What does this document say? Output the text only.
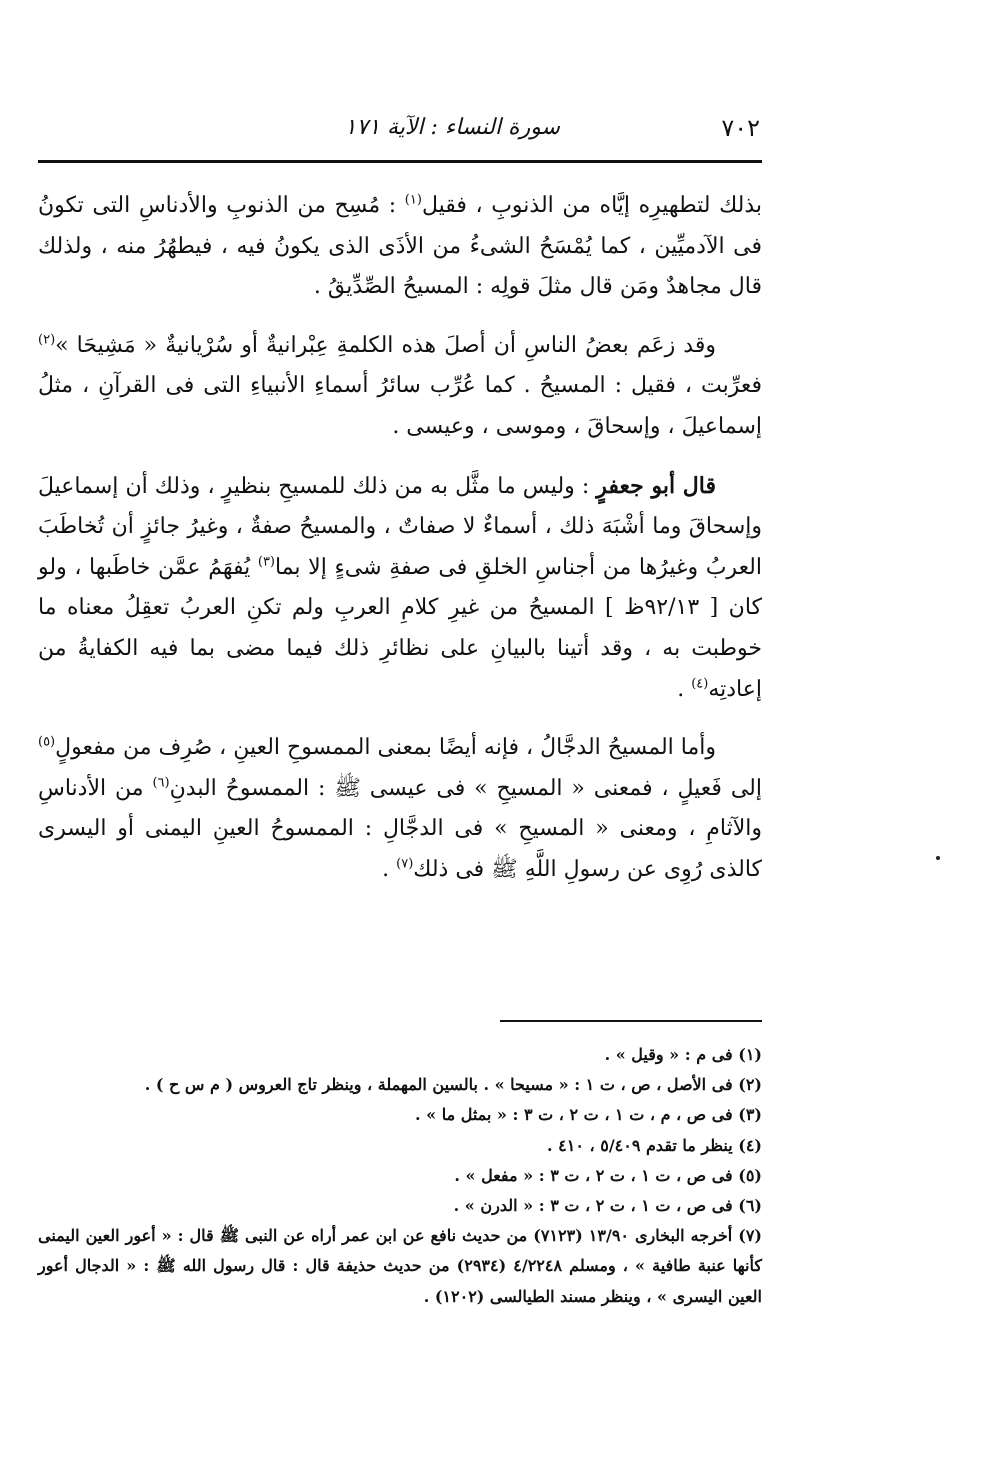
٧٠٢
سورة النساء : الآية ١٧١

بذلك لتطهيرِه إيَّاه من الذنوبِ ، فقيل$^{(١)}$ : مُسِح من الذنوبِ والأدناسِ التى تكونُ فى الآدميِّين ، كما يُمْسَحُ الشىءُ من الأذَى الذى يكونُ فيه ، فيطهُرُ منه ، ولذلك قال مجاهدٌ ومَن قال مثلَ قولِه : المسيحُ الصِّدِّيقُ .

وقد زعَم بعضُ الناسِ أن أصلَ هذه الكلمةِ عِبْرانيةٌ أو سُرْيانيةٌ « مَشِيحَا »$^{(٢)}$ فعرِّبت ، فقيل : المسيحُ . كما عُرِّب سائرُ أسماءِ الأنبياءِ التى فى القرآنِ ، مثلُ إسماعيلَ ، وإسحاقَ ، وموسى ، وعيسى .

قال أبو جعفرٍ : وليس ما مثَّل به من ذلك للمسيحِ بنظيرٍ ، وذلك أن إسماعيلَ وإسحاقَ وما أشْبَهَ ذلك ، أسماءٌ لا صفاتٌ ، والمسيحُ صفةٌ ، وغيرُ جائزٍ أن تُخاطَبَ العربُ وغيرُها من أجناسِ الخلقِ فى صفةِ شىءٍ إلا بما$^{(٣)}$ يُفهَمُ عمَّن خاطَبها ، ولو كان [ ٩٢/١٣ظ ] المسيحُ من غيرِ كلامِ العربِ ولم تكنِ العربُ تعقِلُ معناه ما خوطبت به ، وقد أتينا بالبيانِ على نظائرِ ذلك فيما مضى بما فيه الكفايةُ من إعادتِه$^{(٤)}$ .

وأما المسيحُ الدجَّالُ ، فإنه أيضًا بمعنى الممسوحِ العينِ ، صُرِف من مفعولٍ$^{(٥)}$ إلى فَعيلٍ ، فمعنى « المسيحِ » فى عيسى ﷺ : الممسوحُ البدنِ$^{(٦)}$ من الأدناسِ والآثامِ ، ومعنى « المسيحِ » فى الدجَّالِ : الممسوحُ العينِ اليمنى أو اليسرى كالذى رُوِى عن رسولِ اللَّهِ ﷺ فى ذلك$^{(٧)}$ .

(١) فى م : « وقيل » .

(٢) فى الأصل ، ص ، ت ١ : « مسيحا » . بالسين المهملة ، وينظر تاج العروس ( م س ح ) .

(٣) فى ص ، م ، ت ١ ، ت ٢ ، ت ٣ : « بمثل ما » .

(٤) ينظر ما تقدم ٥/٤٠٩ ، ٤١٠ .

(٥) فى ص ، ت ١ ، ت ٢ ، ت ٣ : « مفعل » .

(٦) فى ص ، ت ١ ، ت ٢ ، ت ٣ : « الدرن » .

(٧) أخرجه البخارى ١٣/٩٠ (٧١٢٣) من حديث نافع عن ابن عمر أراه عن النبى ﷺ قال : « أعور العين اليمنى كأنها عنبة طافية » ، ومسلم ٤/٢٢٤٨ (٢٩٣٤) من حديث حذيفة قال : قال رسول الله ﷺ : « الدجال أعور العين اليسرى » ، وينظر مسند الطيالسى (١٢٠٢) .
